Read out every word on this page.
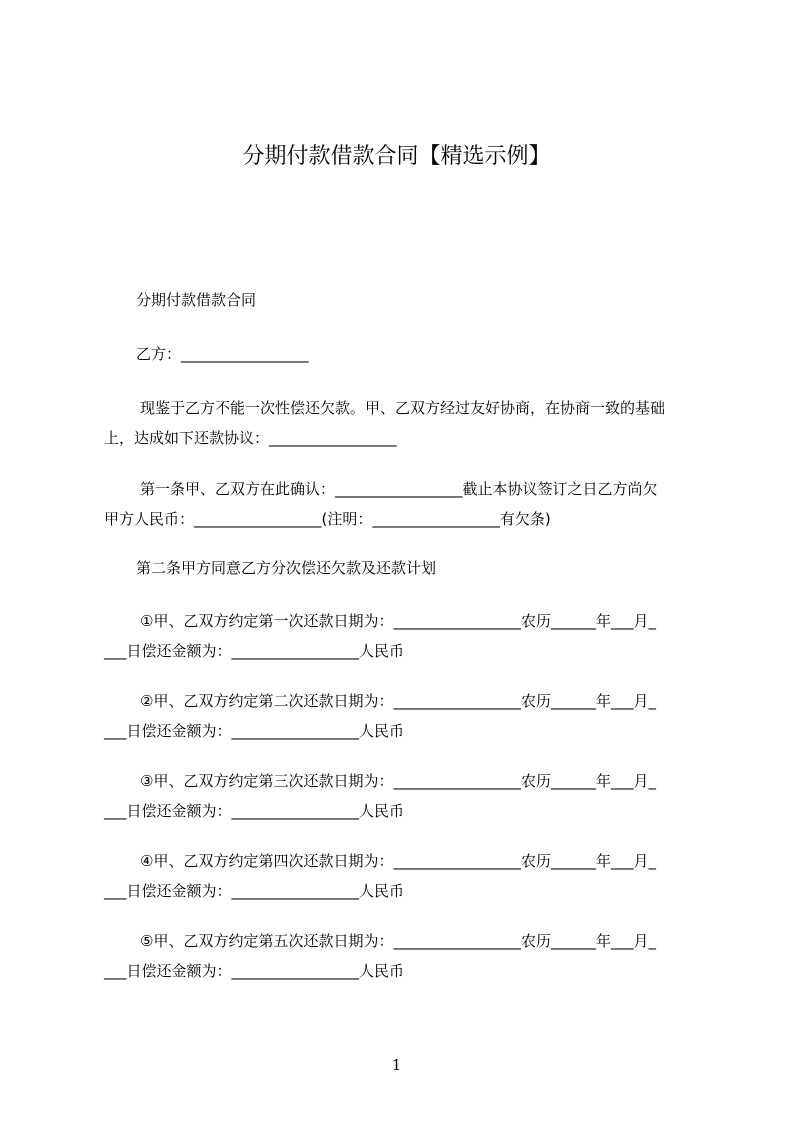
分期付款借款合同【精选示例】
分期付款借款合同
乙方：_________________
现鉴于乙方不能一次性偿还欠款。甲、乙双方经过友好协商，在协商一致的基础
上，达成如下还款协议：_________________
第一条甲、乙双方在此确认：_________________截止本协议签订之日乙方尚欠
甲方人民币：_________________(注明：_________________有欠条)
第二条甲方同意乙方分次偿还欠款及还款计划
①甲、乙双方约定第一次还款日期为：_________________农历______年___月_
___日偿还金额为：_________________人民币
②甲、乙双方约定第二次还款日期为：_________________农历______年___月_
___日偿还金额为：_________________人民币
③甲、乙双方约定第三次还款日期为：_________________农历______年___月_
___日偿还金额为：_________________人民币
④甲、乙双方约定第四次还款日期为：_________________农历______年___月_
___日偿还金额为：_________________人民币
⑤甲、乙双方约定第五次还款日期为：_________________农历______年___月_
___日偿还金额为：_________________人民币
1
